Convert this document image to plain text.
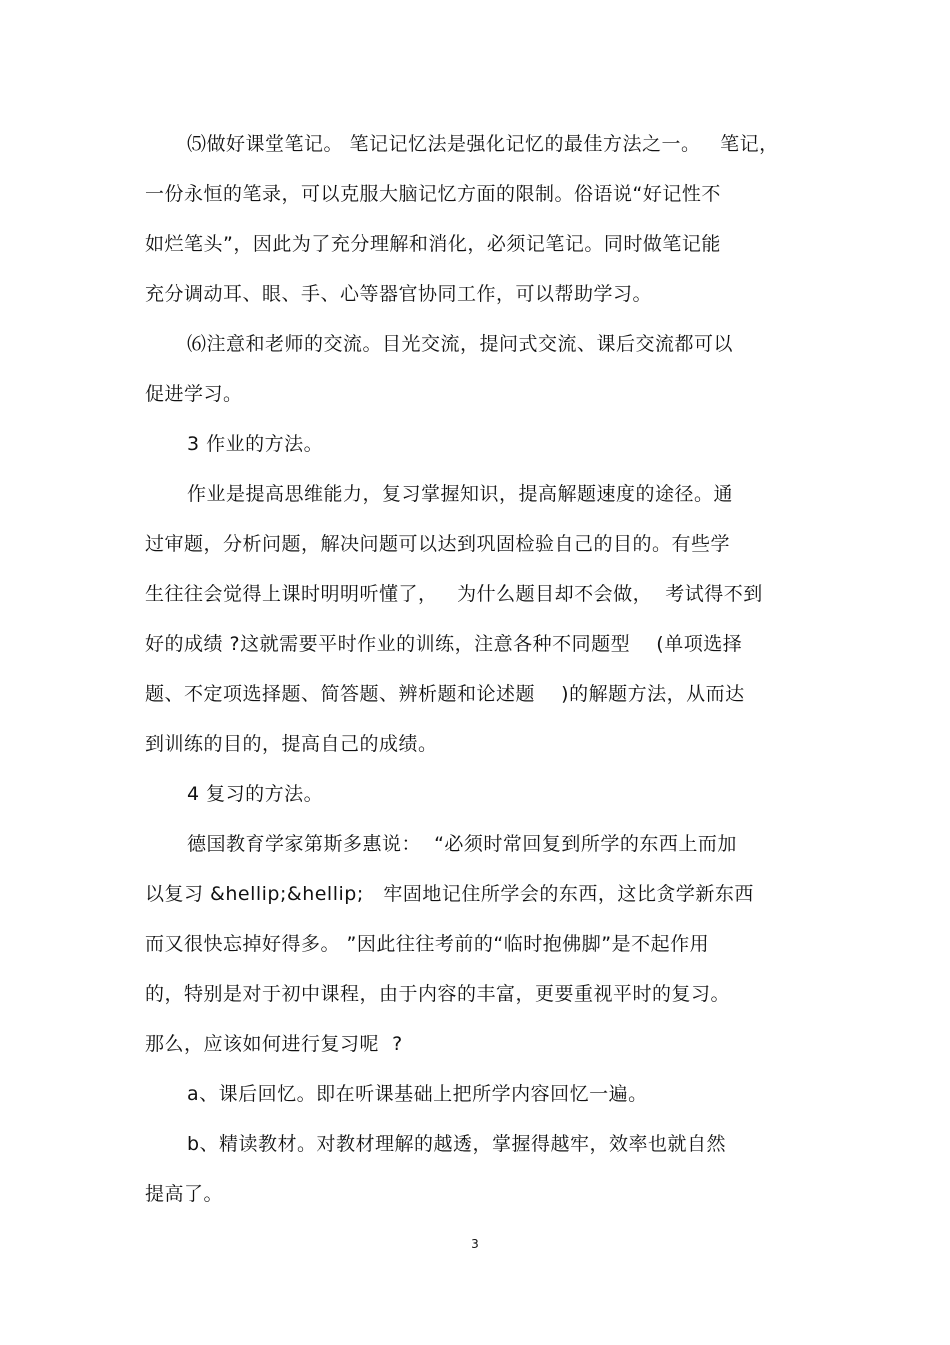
⑸做好课堂笔记。 笔记记忆法是强化记忆的最佳方法之一。   笔记，
一份永恒的笔录，可以克服大脑记忆方面的限制。俗语说“好记性不
如烂笔头”，因此为了充分理解和消化，必须记笔记。同时做笔记能
充分调动耳、眼、手、心等器官协同工作，可以帮助学习。
⑹注意和老师的交流。目光交流，提问式交流、课后交流都可以
促进学习。
3 作业的方法。
作业是提高思维能力，复习掌握知识，提高解题速度的途径。通
过审题，分析问题，解决问题可以达到巩固检验自己的目的。有些学
生往往会觉得上课时明明听懂了，   为什么题目却不会做，  考试得不到
好的成绩 ?这就需要平时作业的训练，注意各种不同题型    (单项选择
题、不定项选择题、简答题、辨析题和论述题    )的解题方法，从而达
到训练的目的，提高自己的成绩。
4 复习的方法。
德国教育学家第斯多惠说：  “必须时常回复到所学的东西上而加
以复习 &hellip;&hellip;   牢固地记住所学会的东西，这比贪学新东西
而又很快忘掉好得多。 ”因此往往考前的“临时抱佛脚”是不起作用
的，特别是对于初中课程，由于内容的丰富，更要重视平时的复习。
那么，应该如何进行复习呢  ?
a、课后回忆。即在听课基础上把所学内容回忆一遍。
b、精读教材。对教材理解的越透，掌握得越牢，效率也就自然
提高了。
3
